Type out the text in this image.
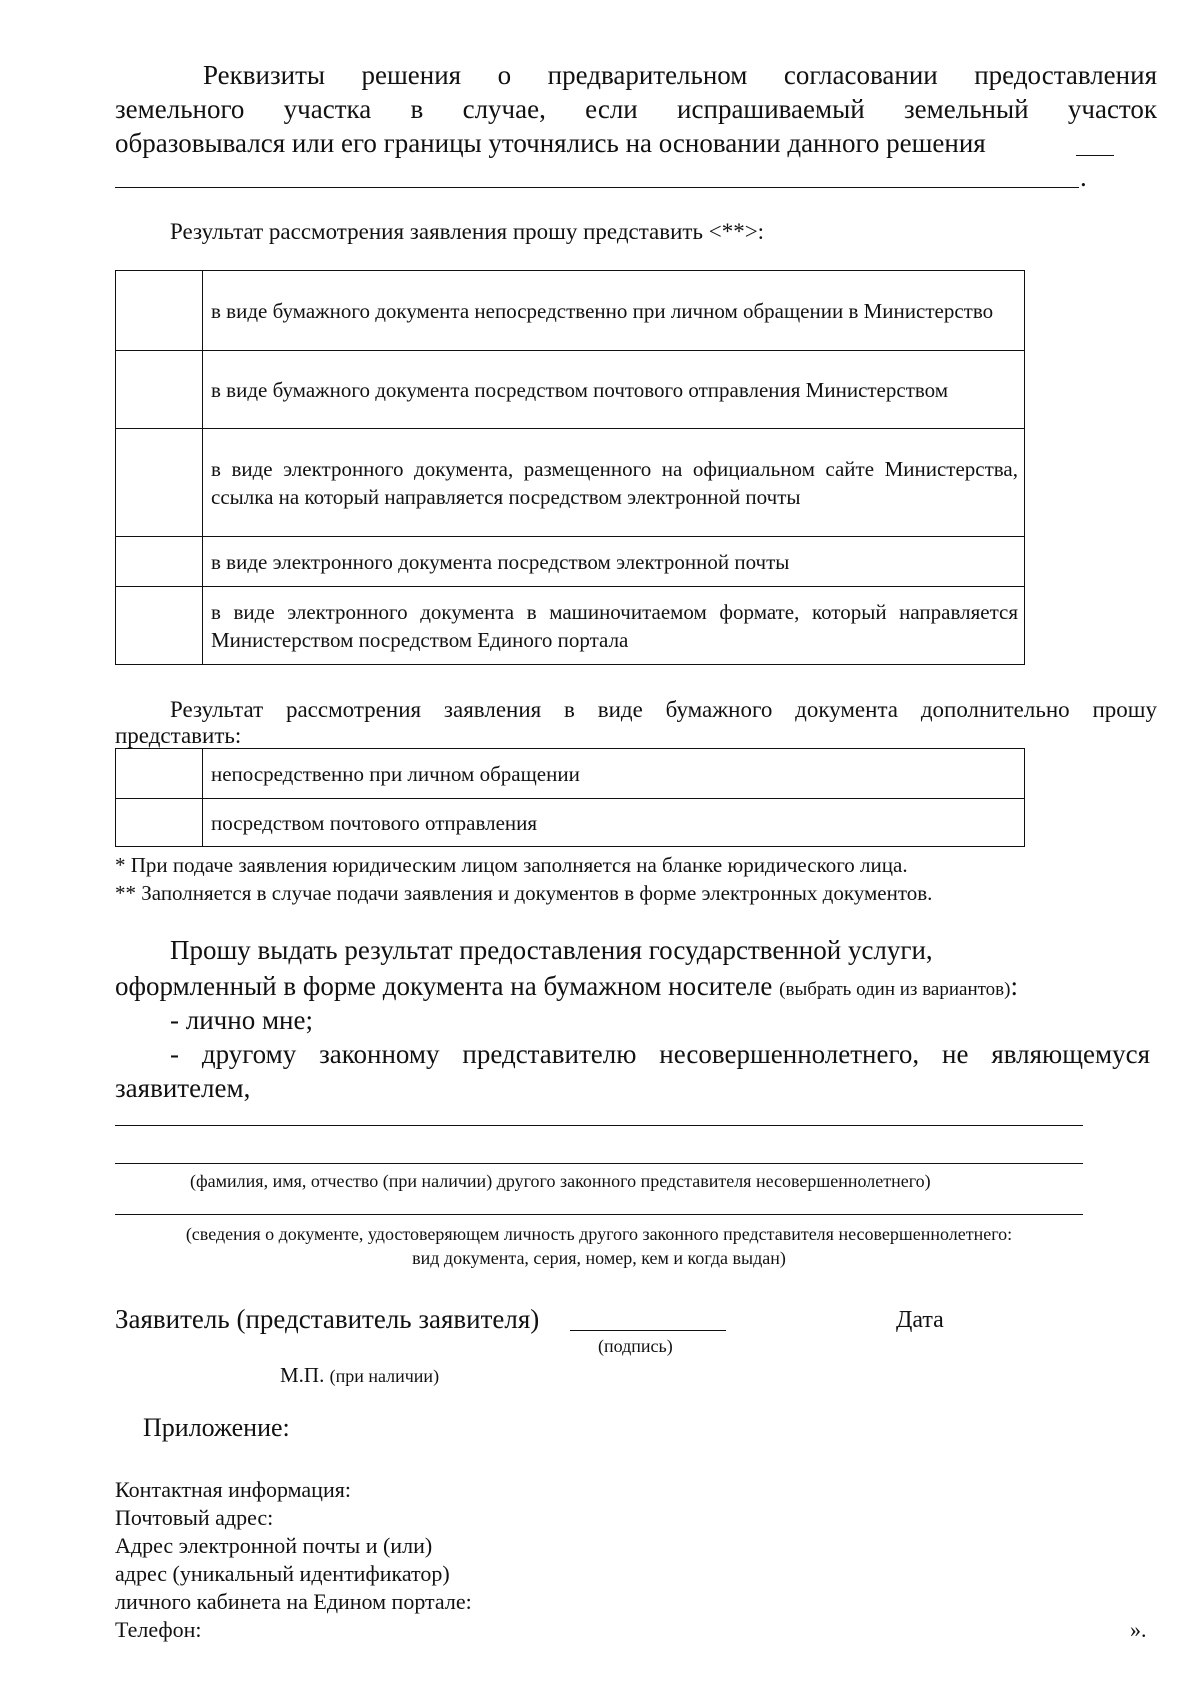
Реквизиты решения о предварительном согласовании предоставления
земельного участка в случае, если испрашиваемый земельный участок
образовывался или его границы уточнялись на основании данного решения
.
Результат рассмотрения заявления прошу представить <**>:
	в виде бумажного документа непосредственно при личном обращении в Министерство
	в виде бумажного документа посредством почтового отправления Министерством
	в виде электронного документа, размещенного на официальном сайте Министерства, ссылка на который направляется посредством электронной почты
	в виде электронного документа посредством электронной почты
	в виде электронного документа в машиночитаемом формате, который направляется Министерством посредством Единого портала
Результат рассмотрения заявления в виде бумажного документа дополнительно прошу
представить:
	непосредственно при личном обращении
	посредством почтового отправления
* При подаче заявления юридическим лицом заполняется на бланке юридического лица.
** Заполняется в случае подачи заявления и документов в форме электронных документов.
Прошу выдать результат предоставления государственной услуги,
оформленный в форме документа на бумажном носителе (выбрать один из вариантов):
- лично мне;
- другому законному представителю несовершеннолетнего, не являющемуся
заявителем,
(фамилия, имя, отчество (при наличии) другого законного представителя несовершеннолетнего)
(сведения о документе, удостоверяющем личность другого законного представителя несовершеннолетнего:
вид документа, серия, номер, кем и когда выдан)
Заявитель (представитель заявителя)	Дата
(подпись)
М.П. (при наличии)
Приложение:
Контактная информация:
Почтовый адрес:
Адрес электронной почты и (или)
адрес (уникальный идентификатор)
личного кабинета на Едином портале:
Телефон:	».
